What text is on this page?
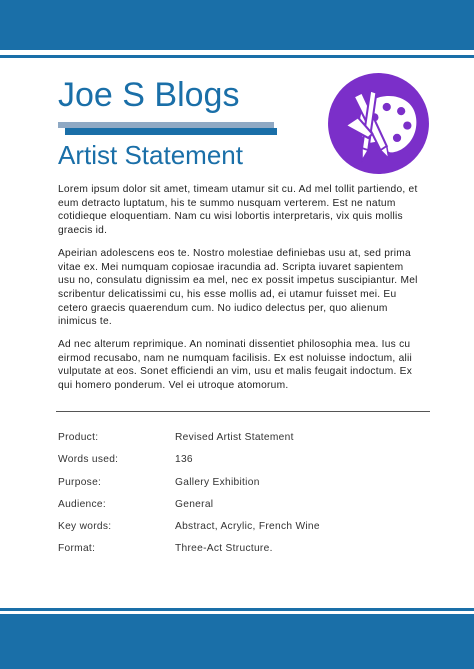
Joe S Blogs
Artist Statement

Lorem ipsum dolor sit amet, timeam utamur sit cu. Ad mel tollit partiendo, et eum detracto luptatum, his te summo nusquam verterem. Est ne natum cotidieque eloquentiam. Nam cu wisi lobortis interpretaris, vix quis mollis graecis id.

Apeirian adolescens eos te. Nostro molestiae definiebas usu at, sed prima vitae ex. Mei numquam copiosae iracundia ad. Scripta iuvaret sapientem usu no, consulatu dignissim ea mel, nec ex possit impetus suscipiantur. Mel scribentur delicatissimi cu, his esse mollis ad, ei utamur fuisset mei. Eu cetero graecis quaerendum cum. No iudico delectus per, quo alienum inimicus te.

Ad nec alterum reprimique. An nominati dissentiet philosophia mea. Ius cu eirmod recusabo, nam ne numquam facilisis. Ex est noluisse indoctum, alii vulputate at eos. Sonet efficiendi an vim, usu et malis feugait indoctum. Ex qui homero ponderum. Vel ei utroque atomorum.

Product:	Revised Artist Statement
Words used:	136
Purpose:	Gallery Exhibition
Audience:	General
Key words:	Abstract, Acrylic, French Wine
Format:	Three-Act Structure.
